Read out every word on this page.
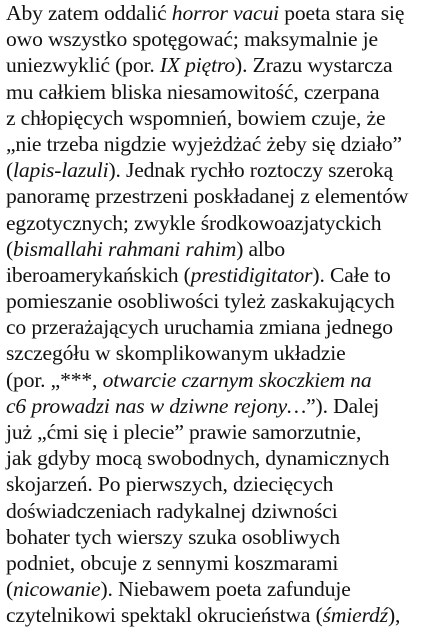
Aby zatem oddalić horror vacui poeta stara się
owo wszystko spotęgować; maksymalnie je
uniezwyklić (por. IX piętro). Zrazu wystarcza
mu całkiem bliska niesamowitość, czerpana
z chłopięcych wspomnień, bowiem czuje, że
„nie trzeba nigdzie wyjeżdżać żeby się działo”
(lapis-lazuli). Jednak rychło roztoczy szeroką
panoramę przestrzeni poskładanej z elementów
egzotycznych; zwykle środkowoazjatyckich
(bismallahi rahmani rahim) albo
iberoamerykańskich (prestidigitator). Całe to
pomieszanie osobliwości tyleż zaskakujących
co przerażających uruchamia zmiana jednego
szczegółu w skomplikowanym układzie
(por. „***, otwarcie czarnym skoczkiem na
c6 prowadzi nas w dziwne rejony…”). Dalej
już „ćmi się i plecie” prawie samorzutnie,
jak gdyby mocą swobodnych, dynamicznych
skojarzeń. Po pierwszych, dziecięcych
doświadczeniach radykalnej dziwności
bohater tych wierszy szuka osobliwych
podniet, obcuje z sennymi koszmarami
(nicowanie). Niebawem poeta zafunduje
czytelnikowi spektakl okrucieństwa (śmierdź),
